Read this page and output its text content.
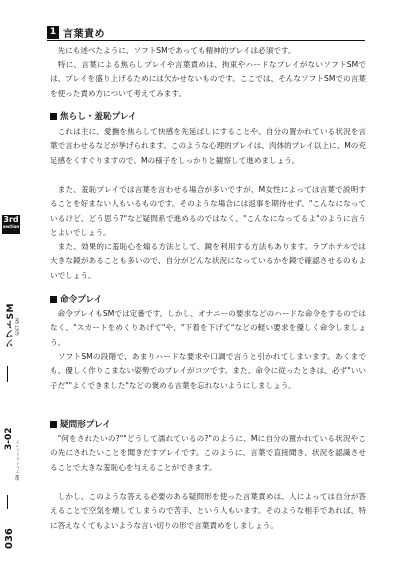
1 言葉責め

　先にも述べたように、ソフトSMであっても精神的プレイは必須です。

　特に、言葉による焦らしプレイや言葉責めは、拘束やハードなプレイがないソフトSMでは、プレイを盛り上げるためには欠かせないものです。ここでは、そんなソフトSMでの言葉を使った責め方について考えてみます。

焦らし・羞恥プレイ

　これは主に、愛撫を焦らして快感を先延ばしにすることや、自分の置かれている状況を言葉で言わせるなどが挙げられます。このような心理的プレイは、肉体的プレイ以上に、Mの充足感をくすぐりますので、Mの様子をしっかりと観察して進めましょう。

　また、羞恥プレイでは言葉を言わせる場合が多いですが、M女性によっては言葉で説明することを好まない人もいるものです。そのような場合には返事を期待せず、"こんなになっているけど、どう思う?"など疑問系で進めるのではなく、"こんなになってるよ"のように言うとよいでしょう。

　また、効果的に羞恥心を煽る方法として、鏡を利用する方法もあります。ラブホテルでは大きな鏡があることも多いので、自分がどんな状況になっているかを鏡で確認させるのもよいでしょう。

命令プレイ

　命令プレイもSMでは定番です。しかし、オナニーの要求などのハードな命令をするのではなく、"スカートをめくりあげて"や、"下着を下げて"などの軽い要求を優しく命令しましょう。

　ソフトSMの段階で、あまりハードな要求や口調で言うと引かれてしまいます。あくまでも、優しく作りこまない姿勢でのプレイがコツです。また、命令に従ったときは、必ず"いい子だ""よくできました"などの褒める言葉を忘れないようにしましょう。

疑問形プレイ

　"何をされたいの?""どうして濡れているの?"のように、Mに自分の置かれている状況やこの先にされたいことを聞きだすプレイです。このように、言葉で直接聞き、状況を認識させることで大きな羞恥心を与えることができます。

　しかし、このような答える必要のある疑問形を使った言葉責めは、人によっては自分が答えることで空気を壊してしまうので苦手、という人もいます。そのような相手であれば、特に答えなくてもよいような言い切りの形で言葉責めをしましょう。

3rd
section
ソフトSM SOFT SM
3-02
SM プレイ テクニック
036
